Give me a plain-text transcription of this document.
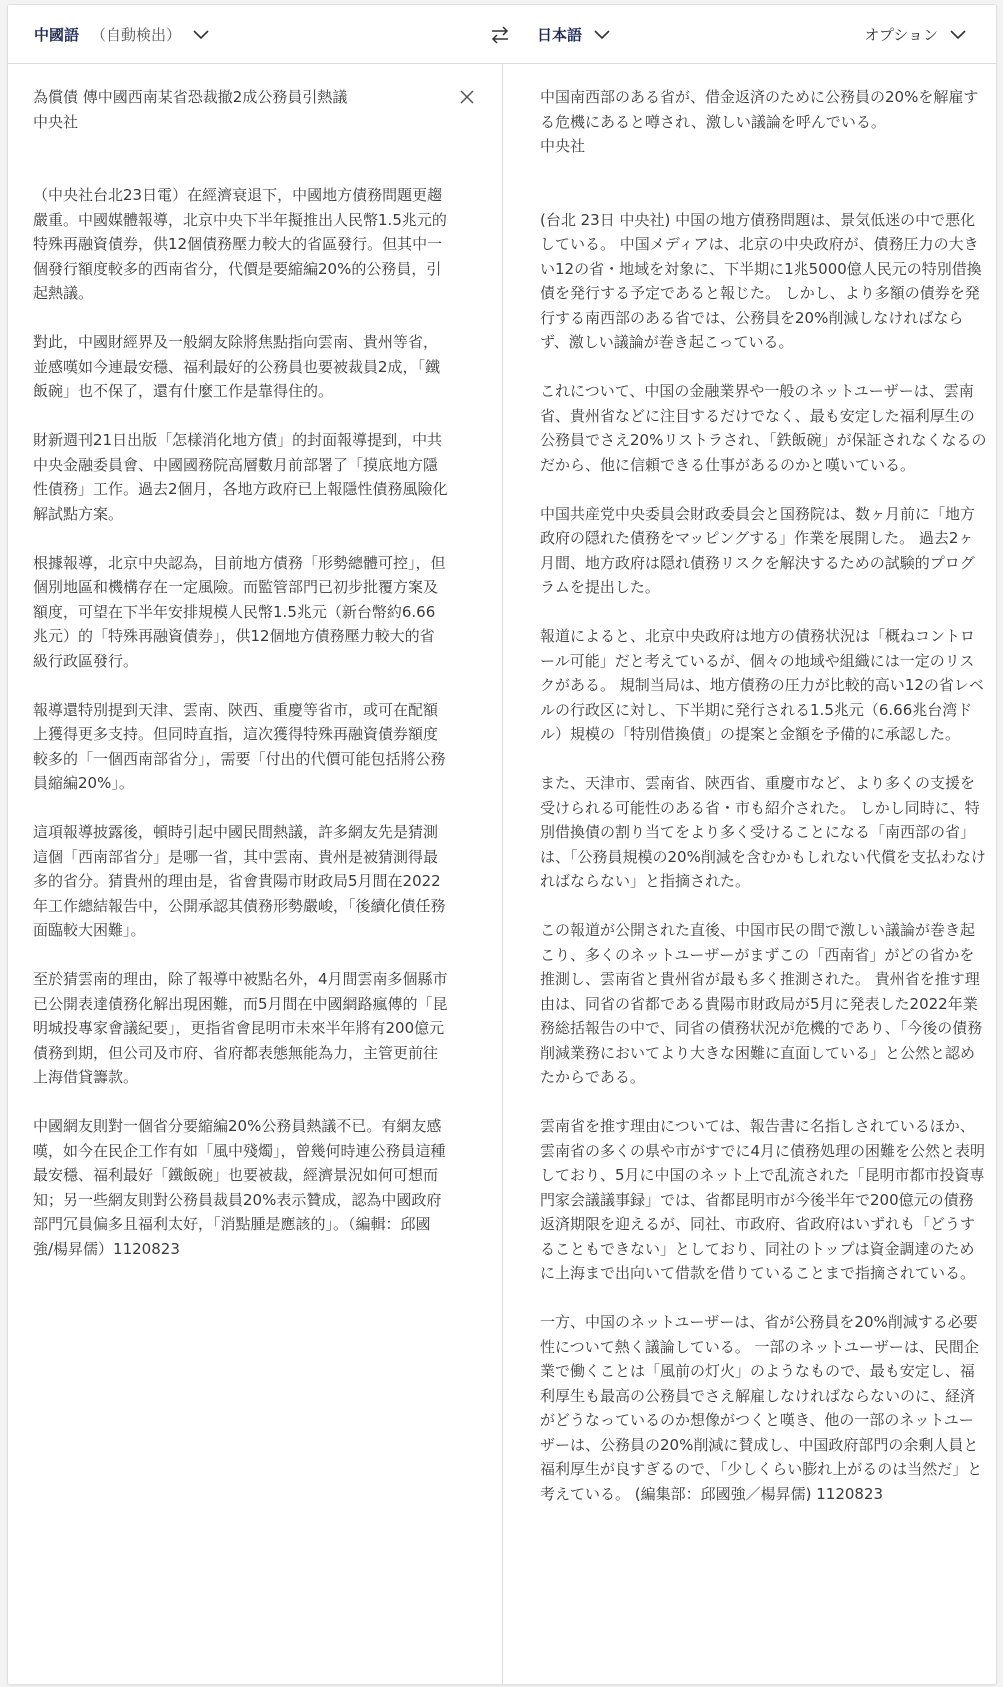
中國語 （自動検出）	日本語	オプション
為償債 傳中國西南某省恐裁撤2成公務員引熱議
中央社

（中央社台北23日電）在經濟衰退下，中國地方債務問題更趨嚴重。中國媒體報導，北京中央下半年擬推出人民幣1.5兆元的特殊再融資債券，供12個債務壓力較大的省區發行。但其中一個發行額度較多的西南省分，代價是要縮編20%的公務員，引起熱議。

對此，中國財經界及一般網友除將焦點指向雲南、貴州等省，並感嘆如今連最安穩、福利最好的公務員也要被裁員2成，「鐵飯碗」也不保了，還有什麼工作是靠得住的。

財新週刊21日出版「怎樣消化地方債」的封面報導提到，中共中央金融委員會、中國國務院高層數月前部署了「摸底地方隱性債務」工作。過去2個月，各地方政府已上報隱性債務風險化解試點方案。

根據報導，北京中央認為，目前地方債務「形勢總體可控」，但個別地區和機構存在一定風險。而監管部門已初步批覆方案及額度，可望在下半年安排規模人民幣1.5兆元（新台幣約6.66兆元）的「特殊再融資債券」，供12個地方債務壓力較大的省級行政區發行。

報導還特別提到天津、雲南、陝西、重慶等省市，或可在配額上獲得更多支持。但同時直指，這次獲得特殊再融資債券額度較多的「一個西南部省分」，需要「付出的代價可能包括將公務員縮編20%」。

這項報導披露後，頓時引起中國民間熱議，許多網友先是猜測這個「西南部省分」是哪一省，其中雲南、貴州是被猜測得最多的省分。猜貴州的理由是，省會貴陽市財政局5月間在2022年工作總結報告中，公開承認其債務形勢嚴峻，「後續化債任務面臨較大困難」。

至於猜雲南的理由，除了報導中被點名外，4月間雲南多個縣市已公開表達債務化解出現困難，而5月間在中國網路瘋傳的「昆明城投專家會議紀要」，更指省會昆明市未來半年將有200億元債務到期，但公司及市府、省府都表態無能為力，主管更前往上海借貸籌款。

中國網友則對一個省分要縮編20%公務員熱議不已。有網友感嘆，如今在民企工作有如「風中殘燭」，曾幾何時連公務員這種最安穩、福利最好「鐵飯碗」也要被裁，經濟景況如何可想而知；另一些網友則對公務員裁員20%表示贊成，認為中國政府部門冗員偏多且福利太好，「消點腫是應該的」。（編輯：邱國強/楊昇儒）1120823
中国南西部のある省が、借金返済のために公務員の20%を解雇する危機にあると噂され、激しい議論を呼んでいる。
中央社

(台北 23日 中央社) 中国の地方債務問題は、景気低迷の中で悪化している。 中国メディアは、北京の中央政府が、債務圧力の大きい12の省・地域を対象に、下半期に1兆5000億人民元の特別借換債を発行する予定であると報じた。 しかし、より多額の債券を発行する南西部のある省では、公務員を20%削減しなければならず、激しい議論が巻き起こっている。

これについて、中国の金融業界や一般のネットユーザーは、雲南省、貴州省などに注目するだけでなく、最も安定した福利厚生の公務員でさえ20%リストラされ、「鉄飯碗」が保証されなくなるのだから、他に信頼できる仕事があるのかと嘆いている。

中国共産党中央委員会財政委員会と国務院は、数ヶ月前に「地方政府の隠れた債務をマッピングする」作業を展開した。 過去2ヶ月間、地方政府は隠れ債務リスクを解決するための試験的プログラムを提出した。

報道によると、北京中央政府は地方の債務状況は「概ねコントロール可能」だと考えているが、個々の地域や組織には一定のリスクがある。 規制当局は、地方債務の圧力が比較的高い12の省レベルの行政区に対し、下半期に発行される1.5兆元（6.66兆台湾ドル）規模の「特別借換債」の提案と金額を予備的に承認した。

また、天津市、雲南省、陝西省、重慶市など、より多くの支援を受けられる可能性のある省・市も紹介された。 しかし同時に、特別借換債の割り当てをより多く受けることになる「南西部の省」は、「公務員規模の20%削減を含むかもしれない代償を支払わなければならない」と指摘された。

この報道が公開された直後、中国市民の間で激しい議論が巻き起こり、多くのネットユーザーがまずこの「西南省」がどの省かを推測し、雲南省と貴州省が最も多く推測された。 貴州省を推す理由は、同省の省都である貴陽市財政局が5月に発表した2022年業務総括報告の中で、同省の債務状況が危機的であり、「今後の債務削減業務においてより大きな困難に直面している」と公然と認めたからである。

雲南省を推す理由については、報告書に名指しされているほか、雲南省の多くの県や市がすでに4月に債務処理の困難を公然と表明しており、5月に中国のネット上で乱流された「昆明市都市投資専門家会議議事録」では、省都昆明市が今後半年で200億元の債務返済期限を迎えるが、同社、市政府、省政府はいずれも「どうすることもできない」としており、同社のトップは資金調達のために上海まで出向いて借款を借りていることまで指摘されている。

一方、中国のネットユーザーは、省が公務員を20%削減する必要性について熱く議論している。 一部のネットユーザーは、民間企業で働くことは「風前の灯火」のようなもので、最も安定し、福利厚生も最高の公務員でさえ解雇しなければならないのに、経済がどうなっているのか想像がつくと嘆き、他の一部のネットユーザーは、公務員の20%削減に賛成し、中国政府部門の余剰人員と福利厚生が良すぎるので、「少しくらい膨れ上がるのは当然だ」と考えている。 (編集部：邱國強／楊昇儒) 1120823
